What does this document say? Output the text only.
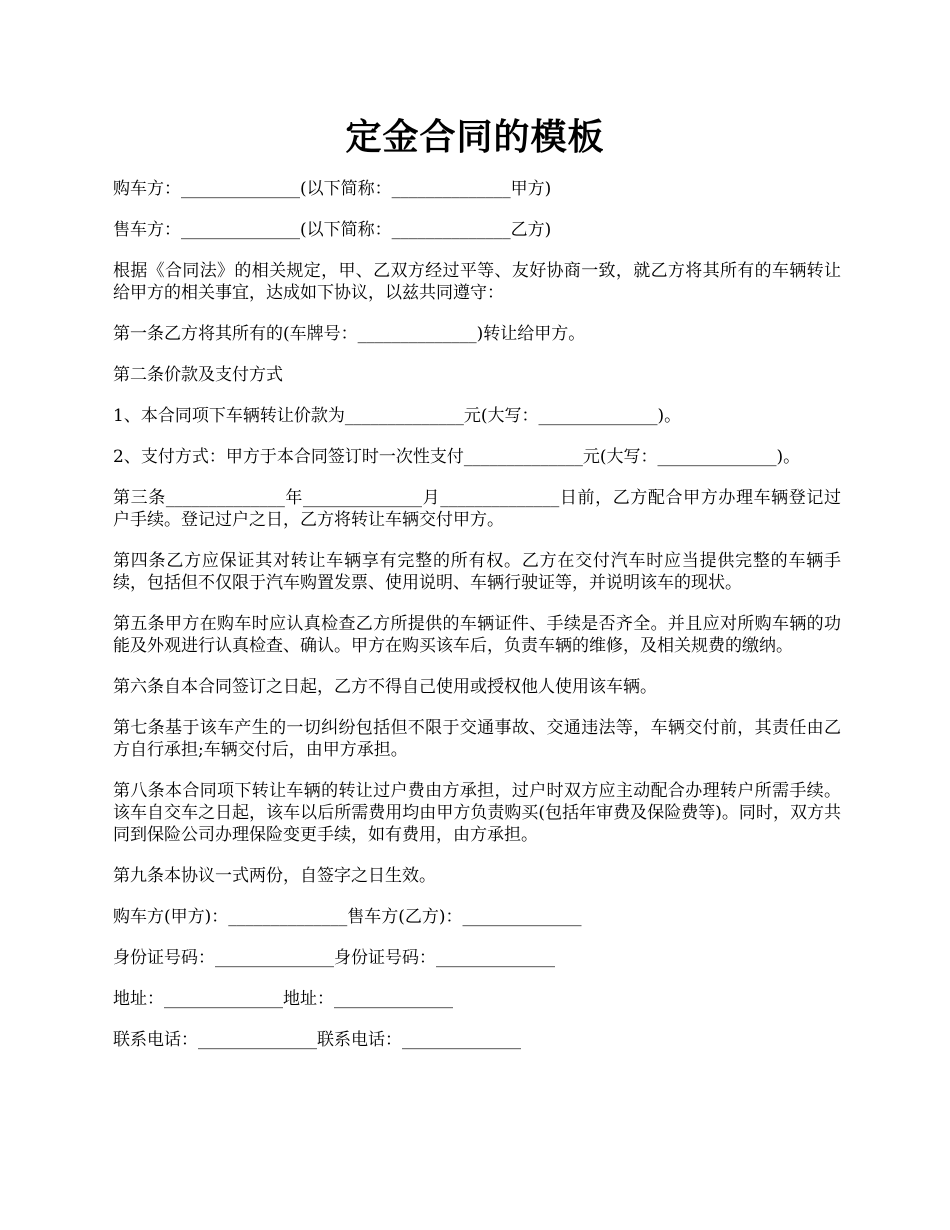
定金合同的模板

购车方：______________(以下简称：______________甲方)

售车方：______________(以下简称：______________乙方)

根据《合同法》的相关规定，甲、乙双方经过平等、友好协商一致，就乙方将其所有的车辆转让给甲方的相关事宜，达成如下协议，以兹共同遵守：

第一条乙方将其所有的(车牌号：______________)转让给甲方。

第二条价款及支付方式

1、本合同项下车辆转让价款为______________元(大写：______________)。

2、支付方式：甲方于本合同签订时一次性支付______________元(大写：______________)。

第三条______________年______________月______________日前，乙方配合甲方办理车辆登记过户手续。登记过户之日，乙方将转让车辆交付甲方。

第四条乙方应保证其对转让车辆享有完整的所有权。乙方在交付汽车时应当提供完整的车辆手续，包括但不仅限于汽车购置发票、使用说明、车辆行驶证等，并说明该车的现状。

第五条甲方在购车时应认真检查乙方所提供的车辆证件、手续是否齐全。并且应对所购车辆的功能及外观进行认真检查、确认。甲方在购买该车后，负责车辆的维修，及相关规费的缴纳。

第六条自本合同签订之日起，乙方不得自己使用或授权他人使用该车辆。

第七条基于该车产生的一切纠纷包括但不限于交通事故、交通违法等，车辆交付前，其责任由乙方自行承担;车辆交付后，由甲方承担。

第八条本合同项下转让车辆的转让过户费由方承担，过户时双方应主动配合办理转户所需手续。该车自交车之日起，该车以后所需费用均由甲方负责购买(包括年审费及保险费等)。同时，双方共同到保险公司办理保险变更手续，如有费用，由方承担。

第九条本协议一式两份，自签字之日生效。

购车方(甲方)：______________售车方(乙方)：______________

身份证号码：______________身份证号码：______________

地址：______________地址：______________

联系电话：______________联系电话：______________
